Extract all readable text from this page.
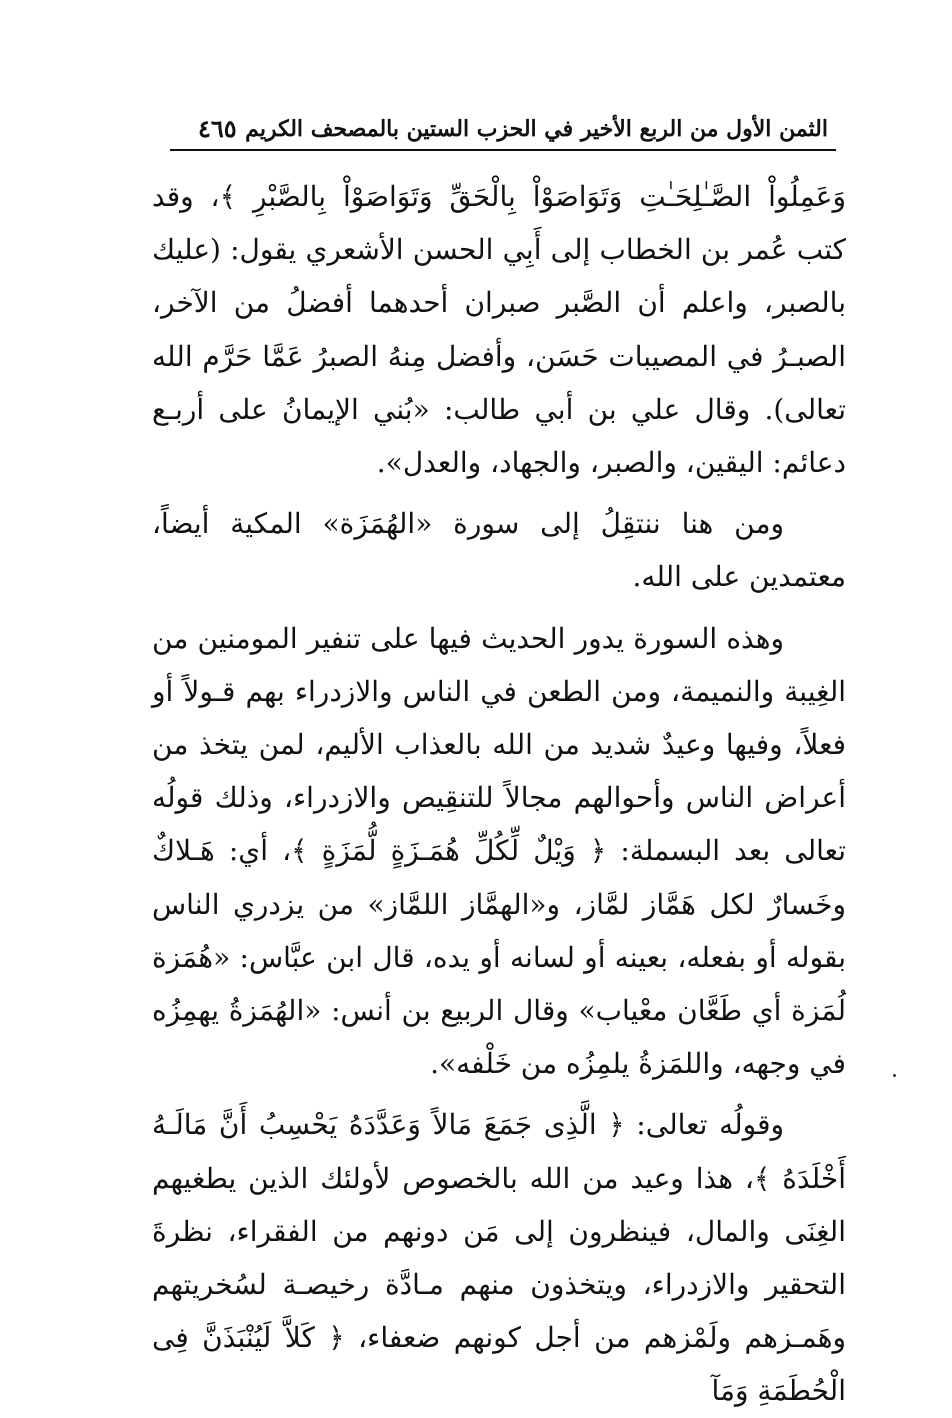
الثمن الأول من الربع الأخير في الحزب الستين بالمصحف الكريم
٤٦٥

وَعَمِلُواْ الصَّـٰلِحَـٰتِ وَتَوَاصَوْاْ بِالْحَقِّ وَتَوَاصَوْاْ بِالصَّبْرِ ﴾، وقد كتب عُمر بن الخطاب إلى أَبِي الحسن الأشعري يقول: (عليك بالصبر، واعلم أن الصَّبر صبران أحدهما أفضلُ من الآخر، الصبـرُ في المصيبات حَسَن، وأفضل مِنهُ الصبرُ عَمَّا حَرَّم الله تعالى). وقال علي بن أبي طالب: «بُني الإيمانُ على أربـع دعائم: اليقين، والصبر، والجهاد، والعدل».

ومن هنا ننتقِلُ إلى سورة «الهُمَزَة» المكية أيضاً، معتمدين على الله.

وهذه السورة يدور الحديث فيها على تنفير المومنين من الغِيبة والنميمة، ومن الطعن في الناس والازدراء بهم قـولاً أو فعلاً، وفيها وعيدٌ شديد من الله بالعذاب الأليم، لمن يتخذ من أعراض الناس وأحوالهم مجالاً للتنقِيص والازدراء، وذلك قولُه تعالى بعد البسملة: ﴿ وَيْلٌ لِّكُلِّ هُمَـزَةٍ لُّمَزَةٍ ﴾، أي: هَـلاكٌ وخَسارٌ لكل هَمَّاز لمَّاز، و«الهمَّاز اللمَّاز» من يزدري الناس بقوله أو بفعله، بعينه أو لسانه أو يده، قال ابن عبَّاس: «هُمَزة لُمَزة أي طَعَّان معْياب» وقال الربيع بن أنس: «الهُمَزةُ يهمِزُه في وجهه، واللمَزةُ يلمِزُه من خَلْفه».

وقولُه تعالى: ﴿ الَّذِى جَمَعَ مَالاً وَعَدَّدَهُ يَحْسِبُ أَنَّ مَالَـهُ أَخْلَدَهُ ﴾، هذا وعيد من الله بالخصوص لأولئك الذين يطغيهم الغِنَى والمال، فينظرون إلى مَن دونهم من الفقراء، نظرةَ التحقير والازدراء، ويتخذون منهم مـادَّة رخيصـة لسُخريتهم وهَمـزهم ولَمْزهم من أجل كونهم ضعفاء، ﴿ كَلاَّ لَيُنْبَذَنَّ فِى الْحُطَمَةِ وَمَآ
